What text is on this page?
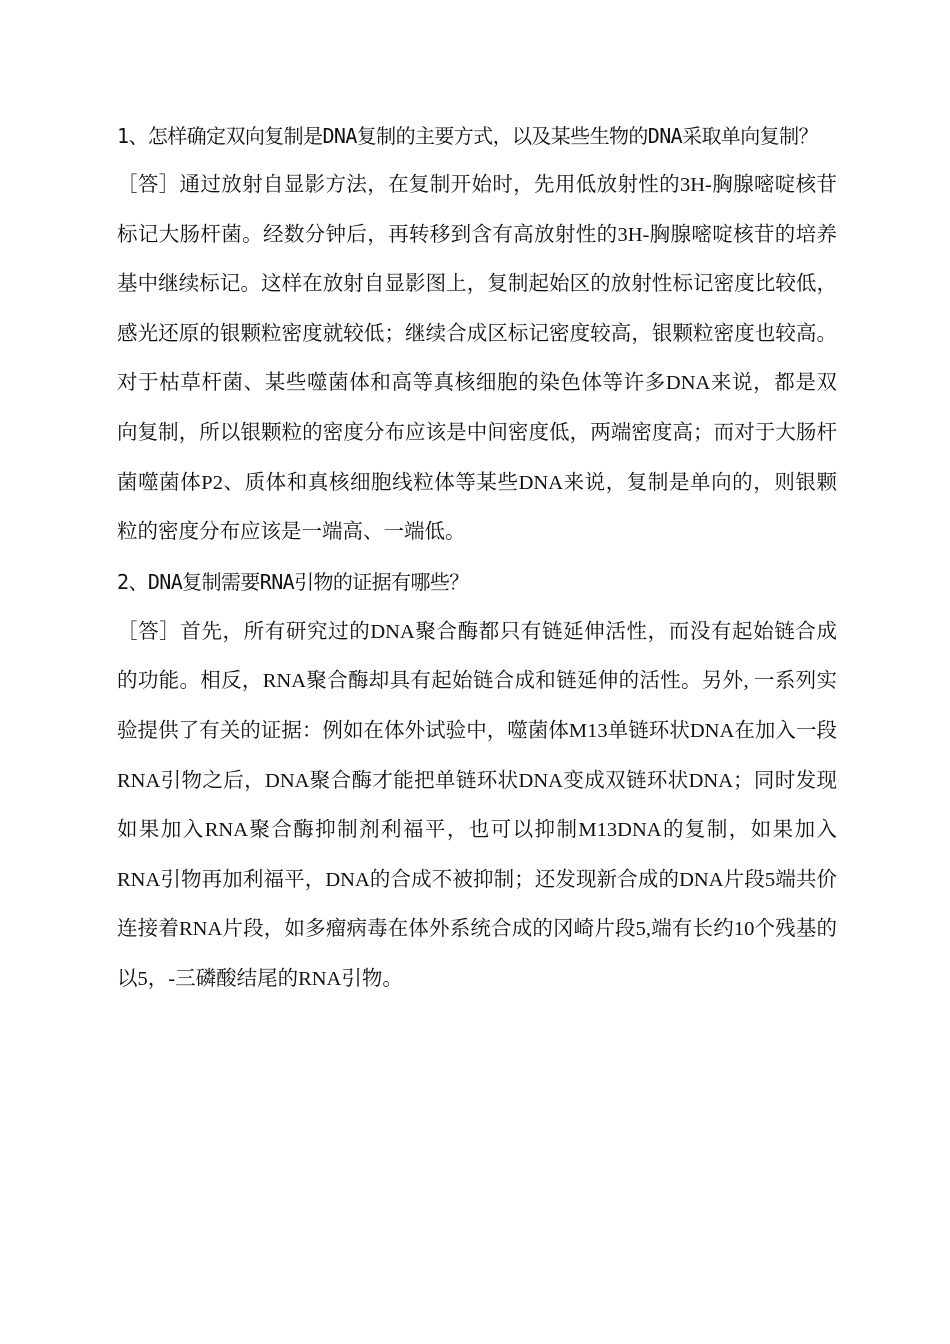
1、怎样确定双向复制是DNA复制的主要方式，以及某些生物的DNA采取单向复制？

［答］通过放射自显影方法，在复制开始时，先用低放射性的3H-胸腺嘧啶核苷标记大肠杆菌。经数分钟后，再转移到含有高放射性的3H-胸腺嘧啶核苷的培养基中继续标记。这样在放射自显影图上，复制起始区的放射性标记密度比较低，感光还原的银颗粒密度就较低；继续合成区标记密度较高，银颗粒密度也较高。对于枯草杆菌、某些噬菌体和高等真核细胞的染色体等许多DNA来说，都是双向复制，所以银颗粒的密度分布应该是中间密度低，两端密度高；而对于大肠杆菌噬菌体P2、质体和真核细胞线粒体等某些DNA来说，复制是单向的，则银颗粒的密度分布应该是一端高、一端低。

2、DNA复制需要RNA引物的证据有哪些？

［答］首先，所有研究过的DNA聚合酶都只有链延伸活性，而没有起始链合成的功能。相反，RNA聚合酶却具有起始链合成和链延伸的活性。另外, 一系列实验提供了有关的证据：例如在体外试验中，噬菌体M13单链环状DNA在加入一段RNA引物之后，DNA聚合酶才能把单链环状DNA变成双链环状DNA；同时发现如果加入RNA聚合酶抑制剂利福平，也可以抑制M13DNA的复制，如果加入RNA引物再加利福平，DNA的合成不被抑制；还发现新合成的DNA片段5端共价连接着RNA片段，如多瘤病毒在体外系统合成的冈崎片段5,端有长约10个残基的以5，-三磷酸结尾的RNA引物。
